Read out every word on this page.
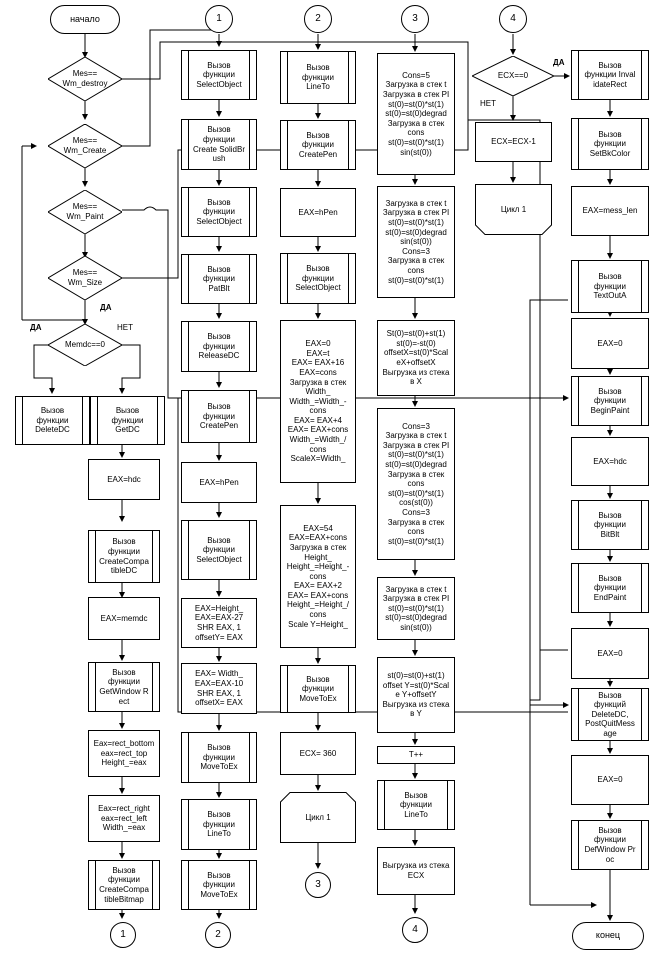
начало
Mes==
Wm_destroy
Mes==
Wm_Create
Mes==
Wm_Paint
Mes==
Wm_Size
Memdc==0
ДА	НЕТ
ДА
Вызов
функции
DeleteDC
Вызов
функции
GetDC
EAX=hdc
Вызов
функции
CreateCompa
tibleDC
EAX=memdc
Вызов
функции
GetWindow R
ect
Eax=rect_bottom
eax=rect_top
Height_=eax
Eax=rect_right
eax=rect_left
Width_=eax
Вызов
функции
CreateCompa
tibleBitmap
1
1
Вызов
функции
SelectObject
Вызов
функции
Create SolidBr
ush
Вызов
функции
SelectObject
Вызов
функции
PatBlt
Вызов
функции
ReleaseDC
Вызов
функции
CreatePen
EAX=hPen
Вызов
функции
SelectObject
EAX=Height_
EAX=EAX-27
SHR EAX, 1
offsetY= EAX
EAX= Width_
EAX=EAX-10
SHR EAX, 1
offsetX= EAX
Вызов
функции
MoveToEx
Вызов
функции
LineTo
Вызов
функции
MoveToEx
2
2
Вызов
функции
LineTo
Вызов
функции
CreatePen
EAX=hPen
Вызов
функции
SelectObject
EAX=0
EAX=t
EAX= EAX+16
EAX=cons
Загрузка в стек
Width_
Width_=Width_-
cons
EAX= EAX+4
EAX= EAX+cons
Width_=Width_/
cons
ScaleX=Width_
EAX=54
EAX=EAX+cons
Загрузка в стек
Height_
Height_=Height_-
cons
EAX= EAX+2
EAX= EAX+cons
Height_=Height_/
cons
Scale Y=Height_
Вызов
функции
MoveToEx
ECX= 360
Цикл 1
3
3
Cons=5
Загрузка в стек t
Загрузка в стек PI
st(0)=st(0)*st(1)
st(0)=st(0)degrad
Загрузка в стек
cons
st(0)=st(0)*st(1)
sin(st(0))
Загрузка в стек t
Загрузка в стек PI
st(0)=st(0)*st(1)
st(0)=st(0)degrad
sin(st(0))
Cons=3
Загрузка в стек
cons
st(0)=st(0)*st(1)
St(0)=st(0)+st(1)
st(0)=-st(0)
offsetX=st(0)*Scal
eX+offsetX
Выгрузка из стека
в X
Cons=3
Загрузка в стек t
Загрузка в стек PI
st(0)=st(0)*st(1)
st(0)=st(0)degrad
Загрузка в стек
cons
st(0)=st(0)*st(1)
cos(st(0))
Cons=3
Загрузка в стек
cons
st(0)=st(0)*st(1)
Загрузка в стек t
Загрузка в стек PI
st(0)=st(0)*st(1)
st(0)=st(0)degrad
sin(st(0))
st(0)=st(0)+st(1)
offset Y=st(0)*Scal
e Y+offsetY
Выгрузка из стека
в Y
T++
Вызов
функции
LineTo
Выгрузка из стека
ECX
4
4
ECX==0
ДА
НЕТ
ECX=ECX-1
Цикл 1
Вызов
функции Inval
idateRect
Вызов
функции
SetBkColor
EAX=mess_len
Вызов
функции
TextOutA
EAX=0
Вызов
функции
BeginPaint
EAX=hdc
Вызов
функции
BitBlt
Вызов
функции
EndPaint
EAX=0
Вызов
функций
DeleteDC,
PostQuitMess
age
EAX=0
Вызов
функции
DefWindow Pr
oc
конец
